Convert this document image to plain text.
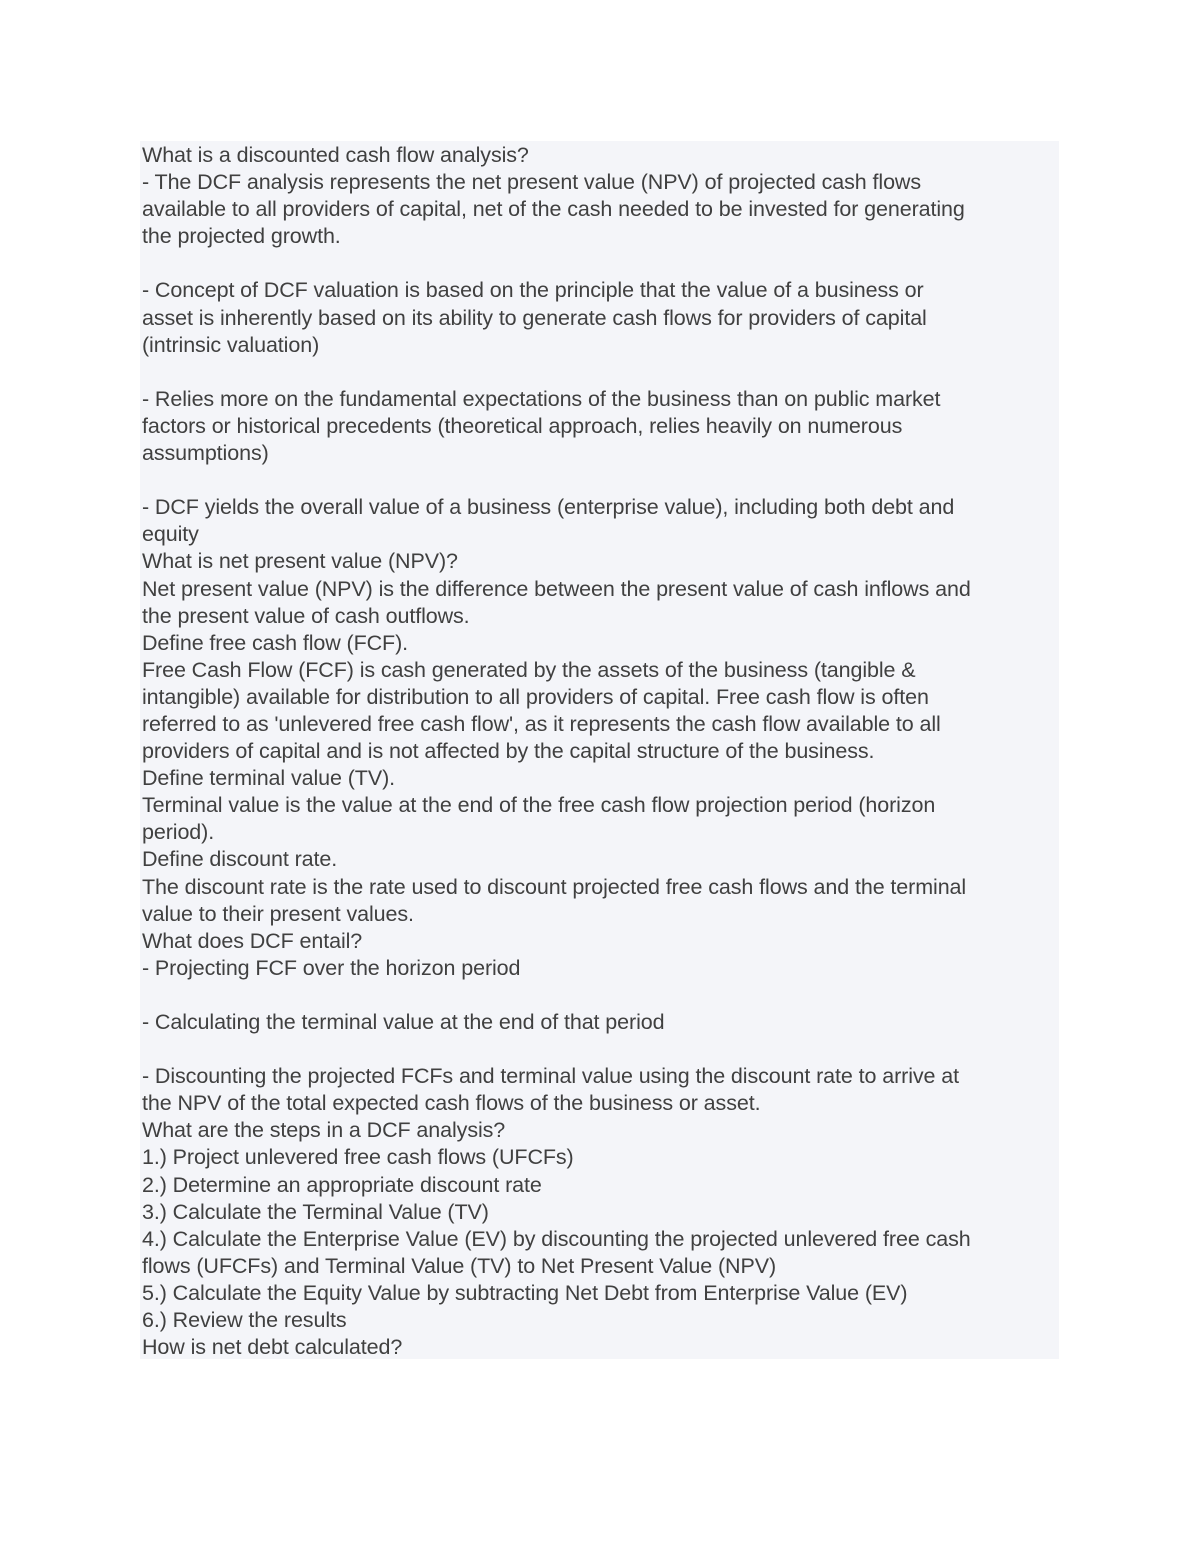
What is a discounted cash flow analysis?
- The DCF analysis represents the net present value (NPV) of projected cash flows
available to all providers of capital, net of the cash needed to be invested for generating
the projected growth.
- Concept of DCF valuation is based on the principle that the value of a business or
asset is inherently based on its ability to generate cash flows for providers of capital
(intrinsic valuation)
- Relies more on the fundamental expectations of the business than on public market
factors or historical precedents (theoretical approach, relies heavily on numerous
assumptions)
- DCF yields the overall value of a business (enterprise value), including both debt and
equity
What is net present value (NPV)?
Net present value (NPV) is the difference between the present value of cash inflows and
the present value of cash outflows.
Define free cash flow (FCF).
Free Cash Flow (FCF) is cash generated by the assets of the business (tangible &
intangible) available for distribution to all providers of capital. Free cash flow is often
referred to as 'unlevered free cash flow', as it represents the cash flow available to all
providers of capital and is not affected by the capital structure of the business.
Define terminal value (TV).
Terminal value is the value at the end of the free cash flow projection period (horizon
period).
Define discount rate.
The discount rate is the rate used to discount projected free cash flows and the terminal
value to their present values.
What does DCF entail?
- Projecting FCF over the horizon period
- Calculating the terminal value at the end of that period
- Discounting the projected FCFs and terminal value using the discount rate to arrive at
the NPV of the total expected cash flows of the business or asset.
What are the steps in a DCF analysis?
1.) Project unlevered free cash flows (UFCFs)
2.) Determine an appropriate discount rate
3.) Calculate the Terminal Value (TV)
4.) Calculate the Enterprise Value (EV) by discounting the projected unlevered free cash
flows (UFCFs) and Terminal Value (TV) to Net Present Value (NPV)
5.) Calculate the Equity Value by subtracting Net Debt from Enterprise Value (EV)
6.) Review the results
How is net debt calculated?
